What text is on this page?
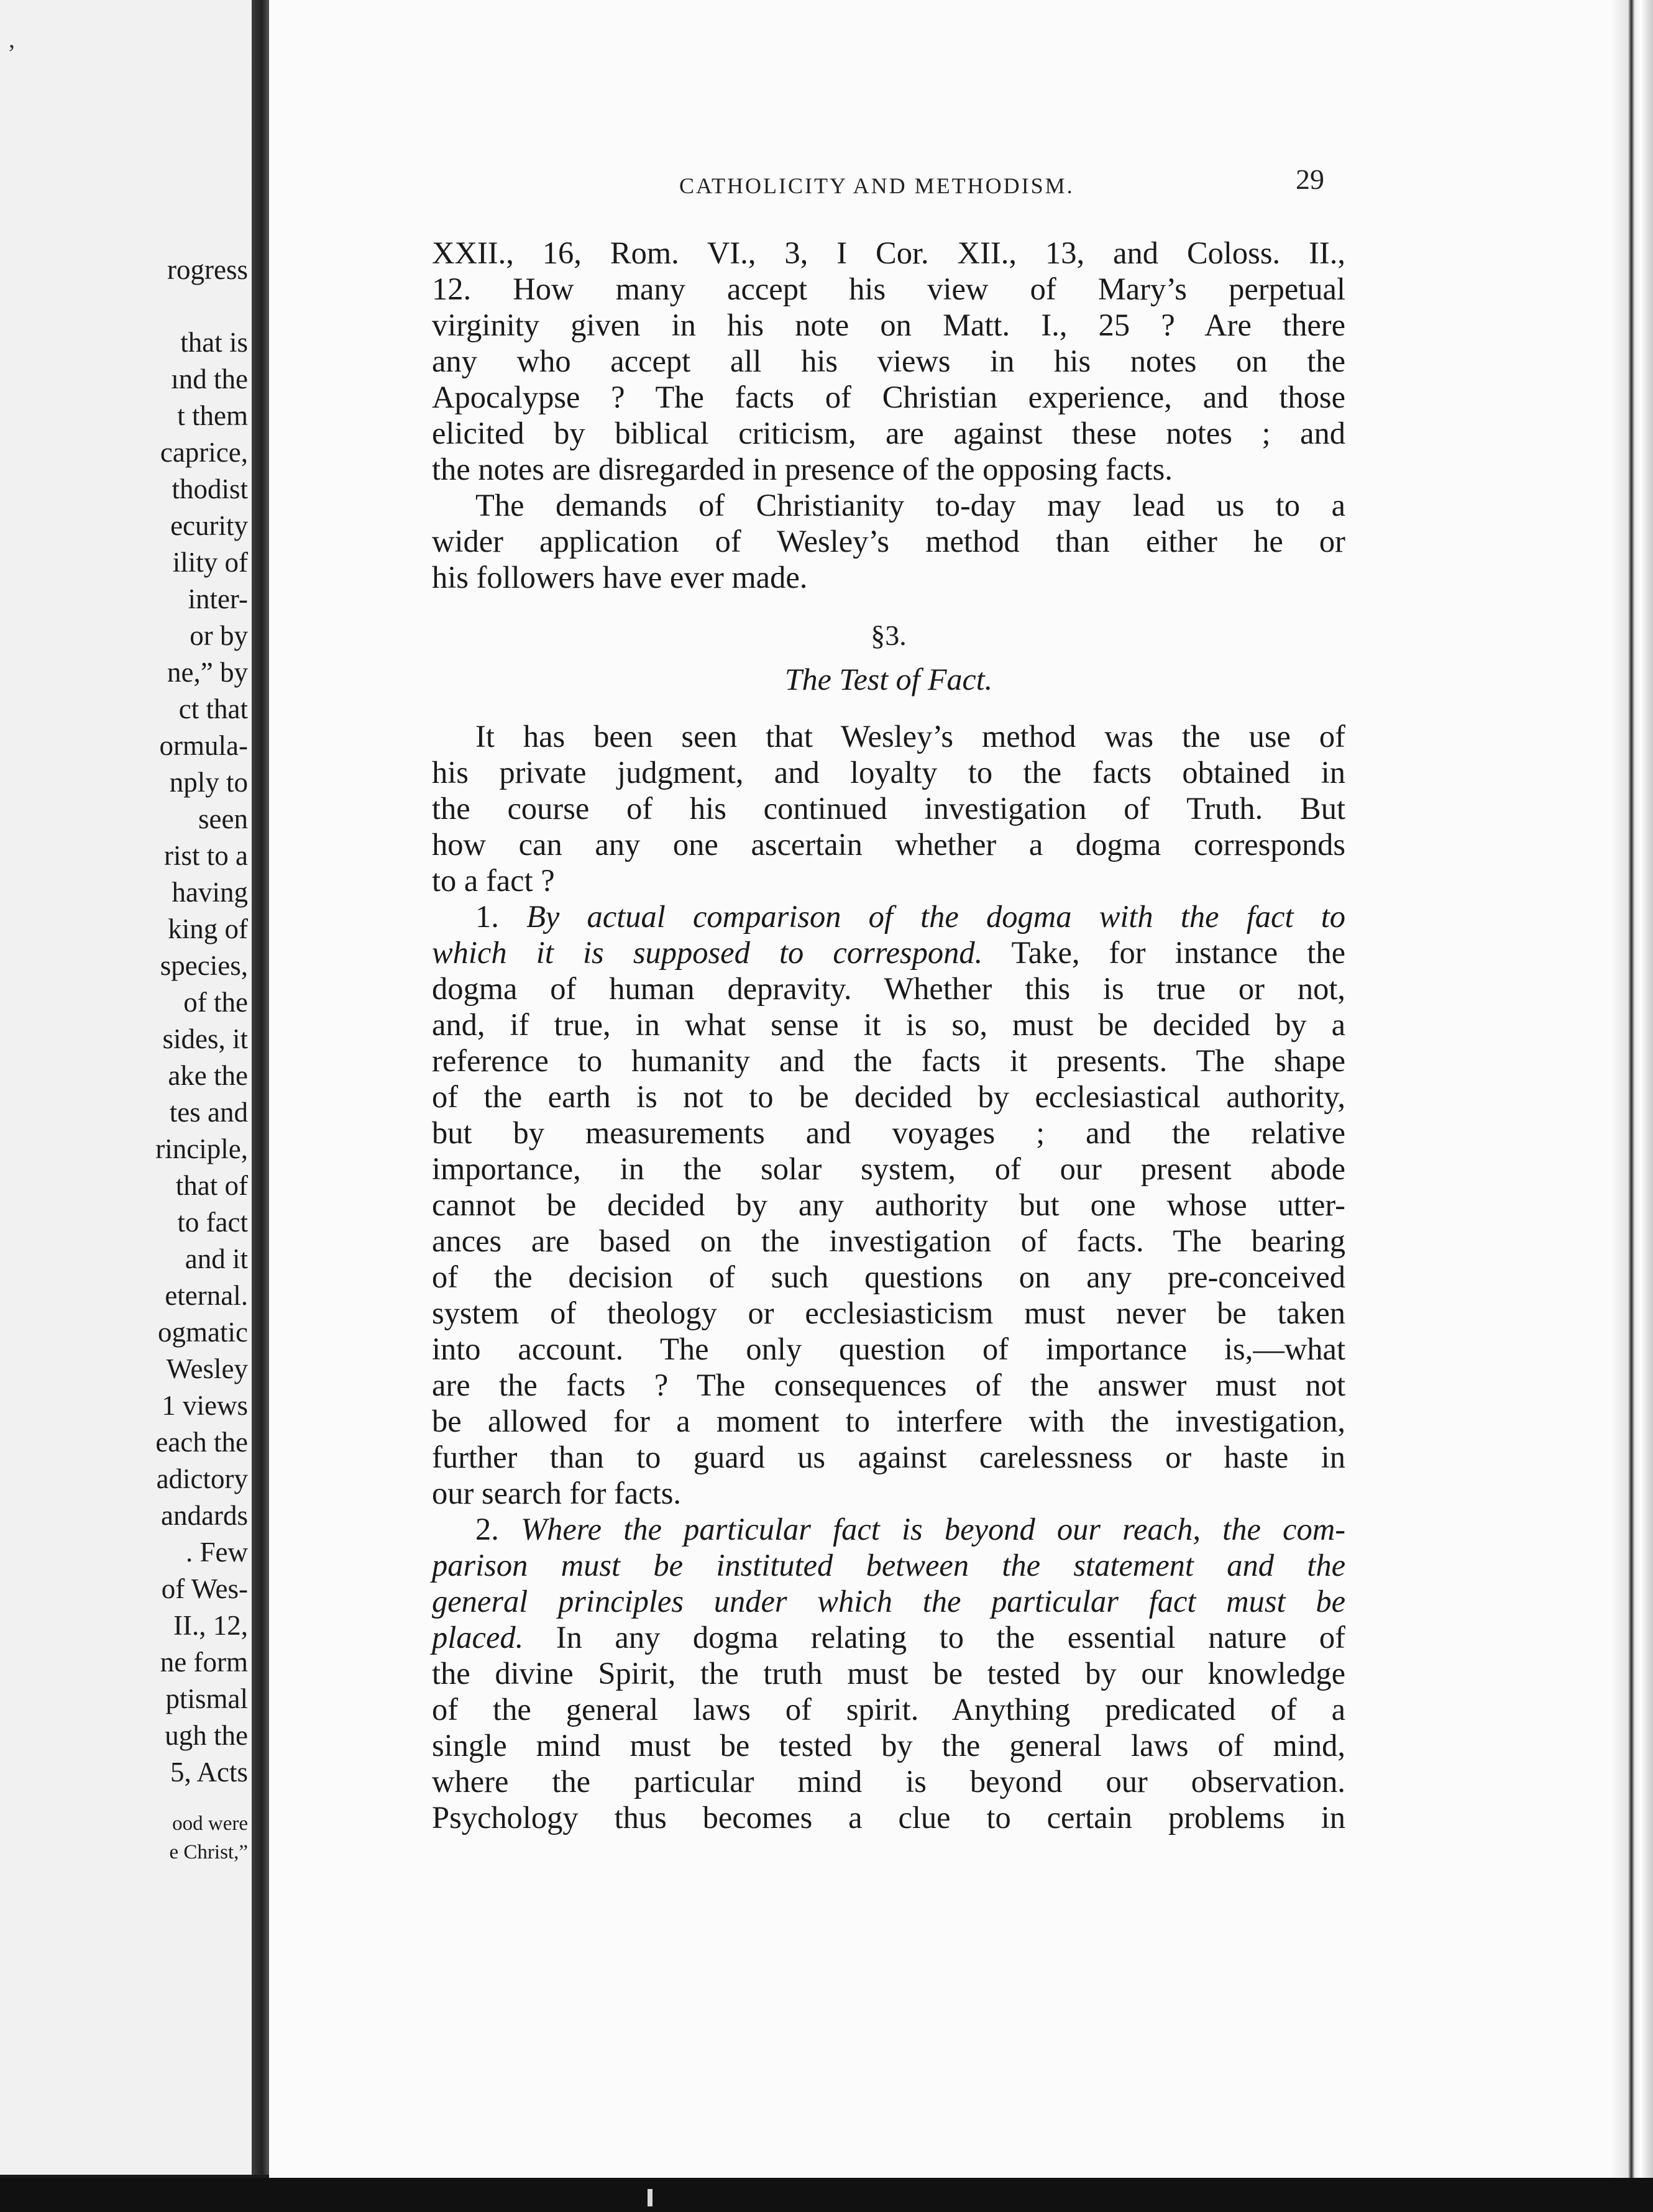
’
rogress
that is
ınd the
t them
caprice,
thodist
ecurity
ility of
inter-
or by
ne,” by
ct that
ormula-
nply to
seen
rist to a
having
king of
species,
of the
sides, it
ake the
tes and
rinciple,
that of
to fact
and it
eternal.
ogmatic
Wesley
1 views
each the
adictory
andards
. Few
of Wes-
II., 12,
ne form
ptismal
ugh the
5, Acts
ood were
e Christ,”
CATHOLICITY AND METHODISM.	29
XXII., 16, Rom. VI., 3, I Cor. XII., 13, and Coloss. II.,
12. How many accept his view of Mary’s perpetual
virginity given in his note on Matt. I., 25 ? Are there
any who accept all his views in his notes on the
Apocalypse ? The facts of Christian experience, and those
elicited by biblical criticism, are against these notes ; and
the notes are disregarded in presence of the opposing facts.
The demands of Christianity to-day may lead us to a
wider application of Wesley’s method than either he or
his followers have ever made.
§3.
The Test of Fact.
It has been seen that Wesley’s method was the use of
his private judgment, and loyalty to the facts obtained in
the course of his continued investigation of Truth. But
how can any one ascertain whether a dogma corresponds
to a fact ?
1. By actual comparison of the dogma with the fact to
which it is supposed to correspond. Take, for instance the
dogma of human depravity. Whether this is true or not,
and, if true, in what sense it is so, must be decided by a
reference to humanity and the facts it presents. The shape
of the earth is not to be decided by ecclesiastical authority,
but by measurements and voyages ; and the relative
importance, in the solar system, of our present abode
cannot be decided by any authority but one whose utter-
ances are based on the investigation of facts. The bearing
of the decision of such questions on any pre-conceived
system of theology or ecclesiasticism must never be taken
into account. The only question of importance is,—what
are the facts ? The consequences of the answer must not
be allowed for a moment to interfere with the investigation,
further than to guard us against carelessness or haste in
our search for facts.
2. Where the particular fact is beyond our reach, the com-
parison must be instituted between the statement and the
general principles under which the particular fact must be
placed. In any dogma relating to the essential nature of
the divine Spirit, the truth must be tested by our knowledge
of the general laws of spirit. Anything predicated of a
single mind must be tested by the general laws of mind,
where the particular mind is beyond our observation.
Psychology thus becomes a clue to certain problems in
